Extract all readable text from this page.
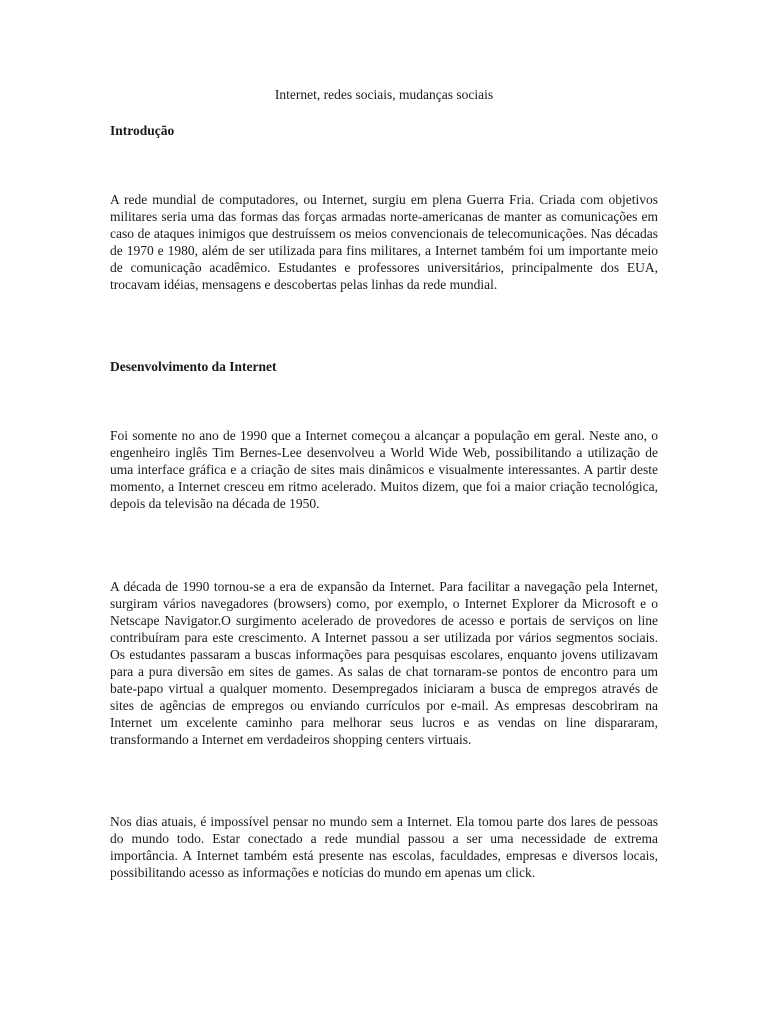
Internet, redes sociais, mudanças sociais
Introdução

A rede mundial de computadores, ou Internet, surgiu em plena Guerra Fria. Criada com objetivos militares seria uma das formas das forças armadas norte-americanas de manter as comunicações em caso de ataques inimigos que destruíssem os meios convencionais de telecomunicações. Nas décadas de 1970 e 1980, além de ser utilizada para fins militares, a Internet também foi um importante meio de comunicação acadêmico. Estudantes e professores universitários, principalmente dos EUA, trocavam idéias, mensagens e descobertas pelas linhas da rede mundial.

Desenvolvimento da Internet

Foi somente no ano de 1990 que a Internet começou a alcançar a população em geral. Neste ano, o engenheiro inglês Tim Bernes-Lee desenvolveu a World Wide Web, possibilitando a utilização de uma interface gráfica e a criação de sites mais dinâmicos e visualmente interessantes. A partir deste momento, a Internet cresceu em ritmo acelerado. Muitos dizem, que foi a maior criação tecnológica, depois da televisão na década de 1950.

A década de 1990 tornou-se a era de expansão da Internet. Para facilitar a navegação pela Internet, surgiram vários navegadores (browsers) como, por exemplo, o Internet Explorer da Microsoft e o Netscape Navigator.O surgimento acelerado de provedores de acesso e portais de serviços on line contribuíram para este crescimento. A Internet passou a ser utilizada por vários segmentos sociais. Os estudantes passaram a buscas informações para pesquisas escolares, enquanto jovens utilizavam para a pura diversão em sites de games. As salas de chat tornaram-se pontos de encontro para um bate-papo virtual a qualquer momento. Desempregados iniciaram a busca de empregos através de sites de agências de empregos ou enviando currículos por e-mail. As empresas descobriram na Internet um excelente caminho para melhorar seus lucros e as vendas on line dispararam, transformando a Internet em verdadeiros shopping centers virtuais.

Nos dias atuais, é impossível pensar no mundo sem a Internet. Ela tomou parte dos lares de pessoas do mundo todo. Estar conectado a rede mundial passou a ser uma necessidade de extrema importância. A Internet também está presente nas escolas, faculdades, empresas e diversos locais, possibilitando acesso as informações e notícias do mundo em apenas um click.
